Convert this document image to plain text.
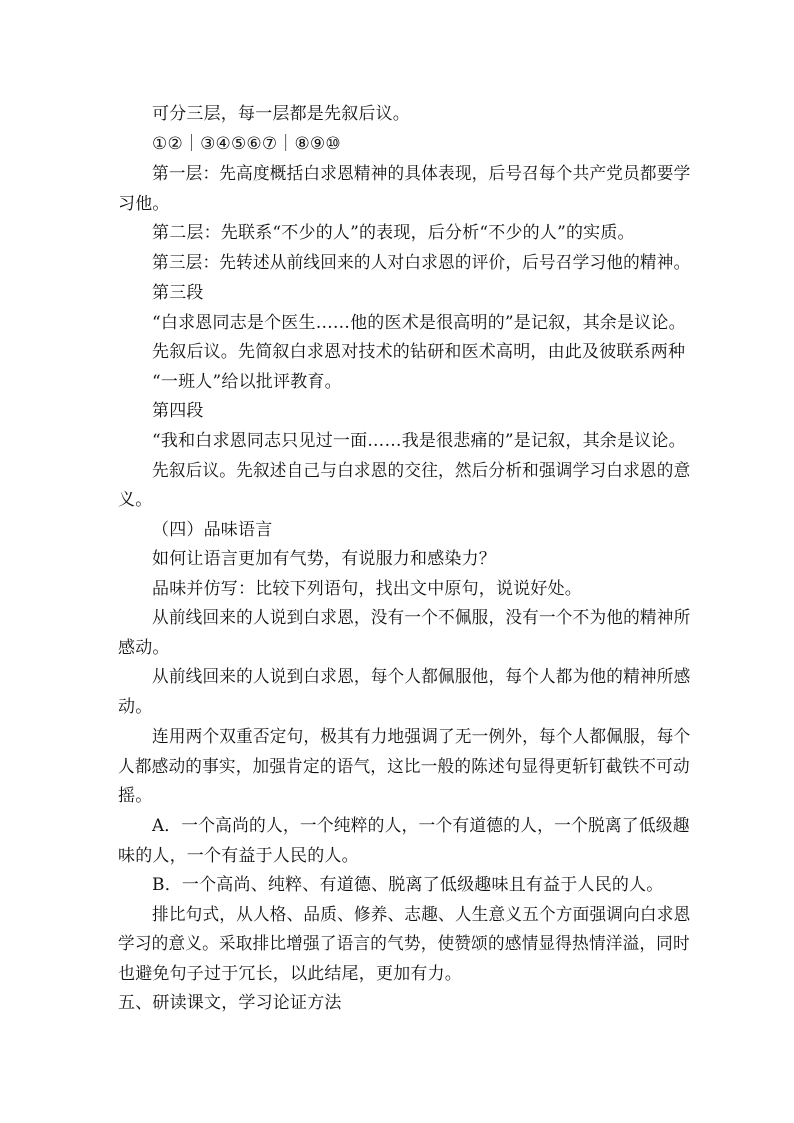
可分三层，每一层都是先叙后议。

①②｜③④⑤⑥⑦｜⑧⑨⑩

第一层：先高度概括白求恩精神的具体表现，后号召每个共产党员都要学

习他。

第二层：先联系“不少的人”的表现，后分析“不少的人”的实质。

第三层：先转述从前线回来的人对白求恩的评价，后号召学习他的精神。

第三段

“白求恩同志是个医生……他的医术是很高明的”是记叙，其余是议论。

先叙后议。先简叙白求恩对技术的钻研和医术高明，由此及彼联系两种

“一班人”给以批评教育。

第四段

“我和白求恩同志只见过一面……我是很悲痛的”是记叙，其余是议论。

先叙后议。先叙述自己与白求恩的交往，然后分析和强调学习白求恩的意

义。

（四）品味语言

如何让语言更加有气势，有说服力和感染力？

品味并仿写：比较下列语句，找出文中原句，说说好处。

从前线回来的人说到白求恩，没有一个不佩服，没有一个不为他的精神所

感动。

从前线回来的人说到白求恩，每个人都佩服他，每个人都为他的精神所感

动。

连用两个双重否定句，极其有力地强调了无一例外，每个人都佩服，每个

人都感动的事实，加强肯定的语气，这比一般的陈述句显得更斩钉截铁不可动

摇。

A．一个高尚的人，一个纯粹的人，一个有道德的人，一个脱离了低级趣

味的人，一个有益于人民的人。

B．一个高尚、纯粹、有道德、脱离了低级趣味且有益于人民的人。

排比句式，从人格、品质、修养、志趣、人生意义五个方面强调向白求恩

学习的意义。采取排比增强了语言的气势，使赞颂的感情显得热情洋溢，同时

也避免句子过于冗长，以此结尾，更加有力。

五、研读课文，学习论证方法
